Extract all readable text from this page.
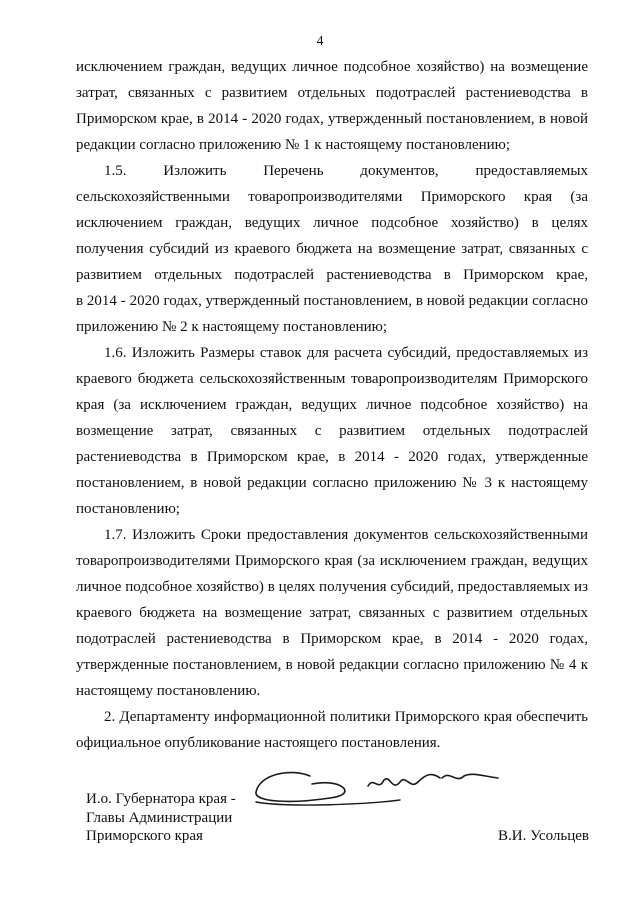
4
исключением граждан, ведущих личное подсобное хозяйство) на возмещение
затрат, связанных с развитием отдельных подотраслей растениеводства в
Приморском крае, в 2014 - 2020 годах, утвержденный постановлением, в новой
редакции согласно приложению № 1 к настоящему постановлению;
1.5. Изложить Перечень документов, предоставляемых
сельскохозяйственными товаропроизводителями Приморского края (за
исключением граждан, ведущих личное подсобное хозяйство) в целях
получения субсидий из краевого бюджета на возмещение затрат, связанных с
развитием отдельных подотраслей растениеводства в Приморском крае,
в 2014 - 2020 годах, утвержденный постановлением, в новой редакции согласно
приложению № 2 к настоящему постановлению;
1.6. Изложить Размеры ставок для расчета субсидий, предоставляемых из
краевого бюджета сельскохозяйственным товаропроизводителям Приморского
края (за исключением граждан, ведущих личное подсобное хозяйство) на
возмещение затрат, связанных с развитием отдельных подотраслей
растениеводства в Приморском крае, в 2014 - 2020 годах, утвержденные
постановлением, в новой редакции согласно приложению № 3 к настоящему
постановлению;
1.7. Изложить Сроки предоставления документов сельскохозяйственными
товаропроизводителями Приморского края (за исключением граждан, ведущих
личное подсобное хозяйство) в целях получения субсидий, предоставляемых из
краевого бюджета на возмещение затрат, связанных с развитием отдельных
подотраслей растениеводства в Приморском крае, в 2014 - 2020 годах,
утвержденные постановлением, в новой редакции согласно приложению № 4 к
настоящему постановлению.
2. Департаменту информационной политики Приморского края обеспечить
официальное опубликование настоящего постановления.
И.о. Губернатора края -
Главы Администрации
Приморского края	В.И. Усольцев
